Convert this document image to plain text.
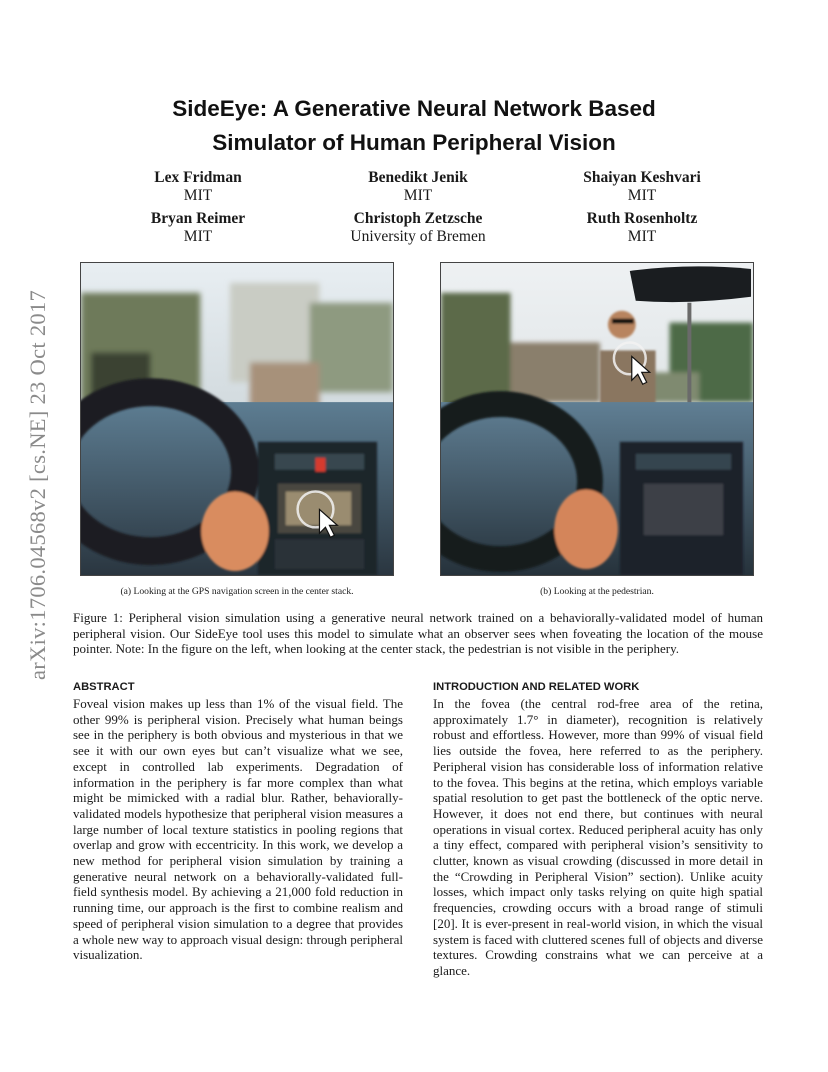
arXiv:1706.04568v2 [cs.NE] 23 Oct 2017
SideEye: A Generative Neural Network Based
Simulator of Human Peripheral Vision
Lex Fridman
MIT
Benedikt Jenik
MIT
Shaiyan Keshvari
MIT
Bryan Reimer
MIT
Christoph Zetzsche
University of Bremen
Ruth Rosenholtz
MIT
(a) Looking at the GPS navigation screen in the center stack.	(b) Looking at the pedestrian.
Figure 1: Peripheral vision simulation using a generative neural network trained on a behaviorally-validated model of human peripheral vision. Our SideEye tool uses this model to simulate what an observer sees when foveating the location of the mouse pointer. Note: In the figure on the left, when looking at the center stack, the pedestrian is not visible in the periphery.
ABSTRACT
Foveal vision makes up less than 1% of the visual field. The other 99% is peripheral vision. Precisely what human beings see in the periphery is both obvious and mysterious in that we see it with our own eyes but can’t visualize what we see, except in controlled lab experiments. Degradation of information in the periphery is far more complex than what might be mimicked with a radial blur. Rather, behaviorally-validated models hypothesize that peripheral vision measures a large number of local texture statistics in pooling regions that overlap and grow with eccentricity. In this work, we develop a new method for peripheral vision simulation by training a generative neural network on a behaviorally-validated full-field synthesis model. By achieving a 21,000 fold reduction in running time, our approach is the first to combine realism and speed of peripheral vision simulation to a degree that provides a whole new way to approach visual design: through peripheral visualization.
INTRODUCTION AND RELATED WORK
In the fovea (the central rod-free area of the retina, approximately 1.7° in diameter), recognition is relatively robust and effortless. However, more than 99% of visual field lies outside the fovea, here referred to as the periphery. Peripheral vision has considerable loss of information relative to the fovea. This begins at the retina, which employs variable spatial resolution to get past the bottleneck of the optic nerve. However, it does not end there, but continues with neural operations in visual cortex. Reduced peripheral acuity has only a tiny effect, compared with peripheral vision’s sensitivity to clutter, known as visual crowding (discussed in more detail in the “Crowding in Peripheral Vision” section). Unlike acuity losses, which impact only tasks relying on quite high spatial frequencies, crowding occurs with a broad range of stimuli [20]. It is ever-present in real-world vision, in which the visual system is faced with cluttered scenes full of objects and diverse textures. Crowding constrains what we can perceive at a glance.
